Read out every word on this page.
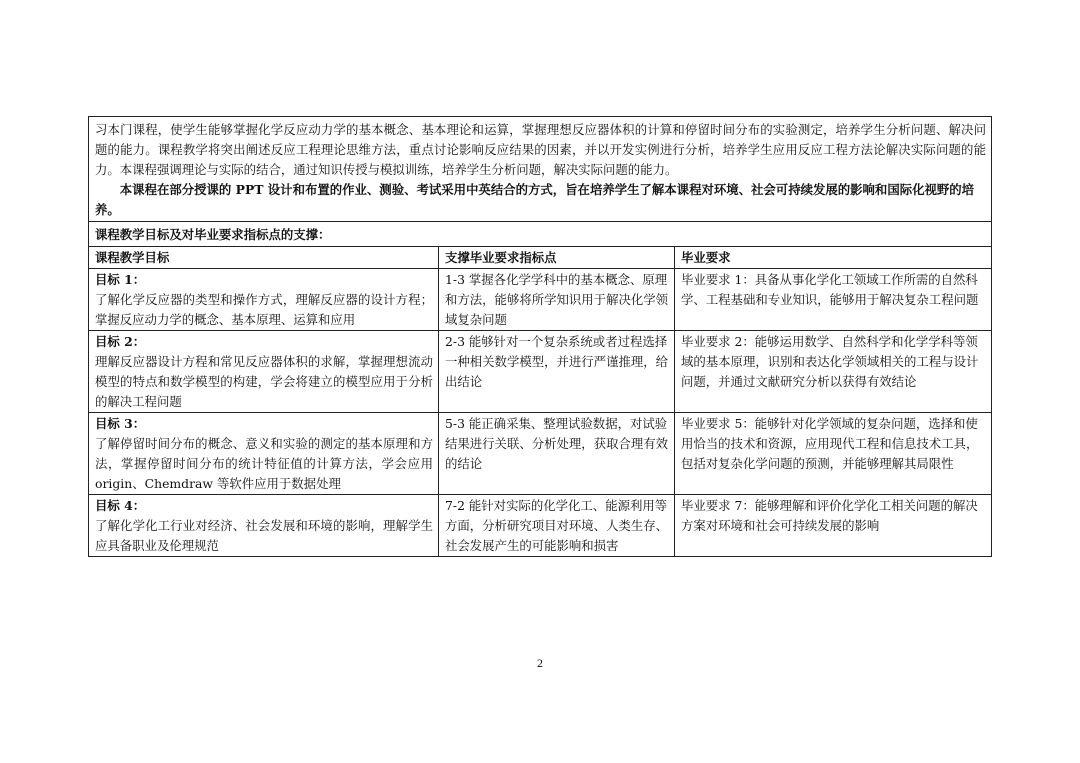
习本门课程，使学生能够掌握化学反应动力学的基本概念、基本理论和运算，掌握理想反应器体积的计算和停留时间分布的实验测定，培养学生分析问题、解决问题的能力。课程教学将突出阐述反应工程理论思维方法，重点讨论影响反应结果的因素，并以开发实例进行分析，培养学生应用反应工程方法论解决实际问题的能力。本课程强调理论与实际的结合，通过知识传授与模拟训练，培养学生分析问题，解决实际问题的能力。

本课程在部分授课的 PPT 设计和布置的作业、测验、考试采用中英结合的方式，旨在培养学生了解本课程对环境、社会可持续发展的影响和国际化视野的培养。		

课程教学目标及对毕业要求指标点的支撑：		
课程教学目标	支撑毕业要求指标点	毕业要求

目标 1：
了解化学反应器的类型和操作方式，理解反应器的设计方程；掌握反应动力学的概念、基本原理、运算和应用	1-3 掌握各化学学科中的基本概念、原理和方法，能够将所学知识用于解决化学领域复杂问题	毕业要求 1：具备从事化学化工领域工作所需的自然科学、工程基础和专业知识，能够用于解决复杂工程问题

目标 2：
理解反应器设计方程和常见反应器体积的求解，掌握理想流动模型的特点和数学模型的构建，学会将建立的模型应用于分析的解决工程问题	2-3 能够针对一个复杂系统或者过程选择一种相关数学模型，并进行严谨推理，给出结论	毕业要求 2：能够运用数学、自然科学和化学学科等领域的基本原理，识别和表达化学领域相关的工程与设计问题，并通过文献研究分析以获得有效结论

目标 3：
了解停留时间分布的概念、意义和实验的测定的基本原理和方法，掌握停留时间分布的统计特征值的计算方法，学会应用 origin、Chemdraw 等软件应用于数据处理	5-3 能正确采集、整理试验数据，对试验结果进行关联、分析处理，获取合理有效的结论	毕业要求 5：能够针对化学领域的复杂问题，选择和使用恰当的技术和资源，应用现代工程和信息技术工具，包括对复杂化学问题的预测，并能够理解其局限性

目标 4：
了解化学化工行业对经济、社会发展和环境的影响，理解学生应具备职业及伦理规范	7-2 能针对实际的化学化工、能源利用等方面，分析研究项目对环境、人类生存、社会发展产生的可能影响和损害	毕业要求 7：能够理解和评价化学化工相关问题的解决方案对环境和社会可持续发展的影响
2
